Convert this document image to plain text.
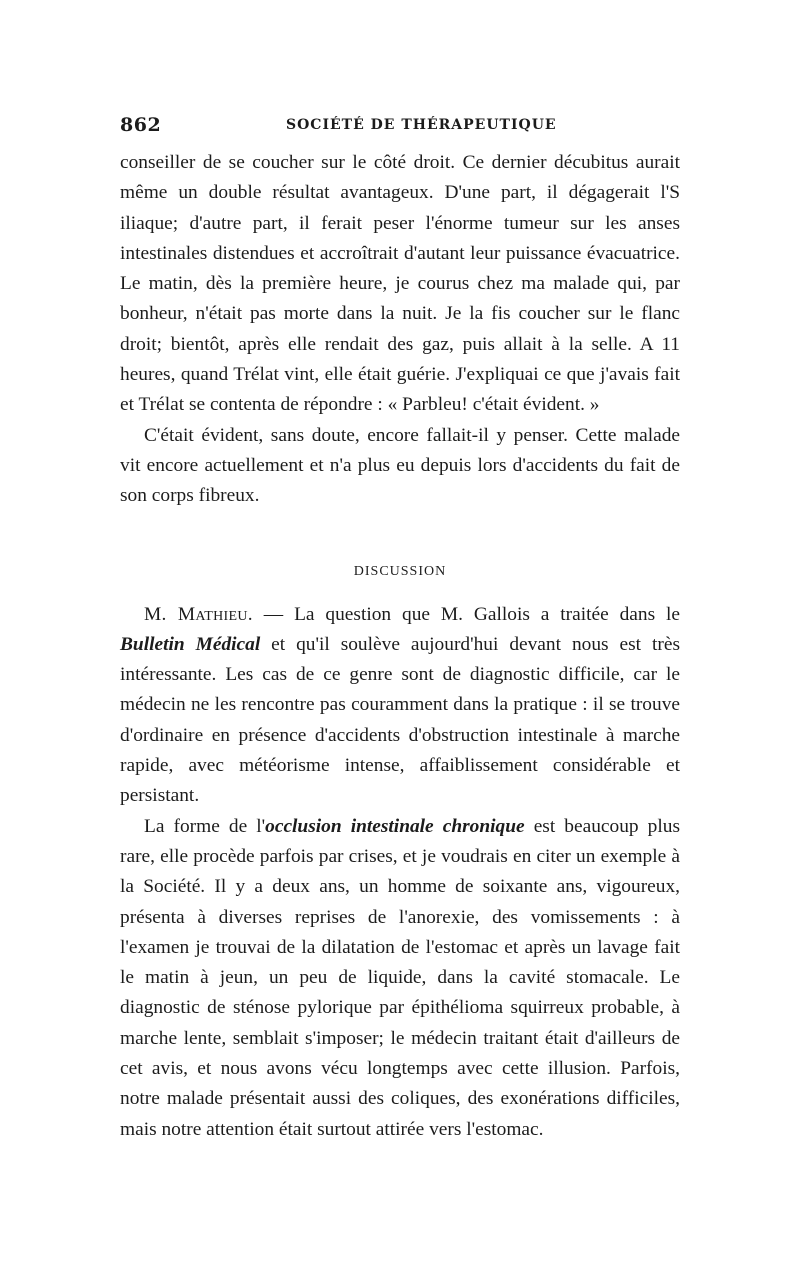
862	SOCIÉTÉ DE THÉRAPEUTIQUE

conseiller de se coucher sur le côté droit. Ce dernier décubitus aurait même un double résultat avantageux. D'une part, il dégagerait l'S iliaque; d'autre part, il ferait peser l'énorme tumeur sur les anses intestinales distendues et accroîtrait d'autant leur puissance évacuatrice. Le matin, dès la première heure, je courus chez ma malade qui, par bonheur, n'était pas morte dans la nuit. Je la fis coucher sur le flanc droit; bientôt, après elle rendait des gaz, puis allait à la selle. A 11 heures, quand Trélat vint, elle était guérie. J'expliquai ce que j'avais fait et Trélat se contenta de répondre : « Parbleu! c'était évident. »

C'était évident, sans doute, encore fallait-il y penser. Cette malade vit encore actuellement et n'a plus eu depuis lors d'accidents du fait de son corps fibreux.

DISCUSSION

M. Mathieu. — La question que M. Gallois a traitée dans le Bulletin Médical et qu'il soulève aujourd'hui devant nous est très intéressante. Les cas de ce genre sont de diagnostic difficile, car le médecin ne les rencontre pas couramment dans la pratique : il se trouve d'ordinaire en présence d'accidents d'obstruction intestinale à marche rapide, avec météorisme intense, affaiblissement considérable et persistant.

La forme de l'occlusion intestinale chronique est beaucoup plus rare, elle procède parfois par crises, et je voudrais en citer un exemple à la Société. Il y a deux ans, un homme de soixante ans, vigoureux, présenta à diverses reprises de l'anorexie, des vomissements : à l'examen je trouvai de la dilatation de l'estomac et après un lavage fait le matin à jeun, un peu de liquide, dans la cavité stomacale. Le diagnostic de sténose pylorique par épithélioma squirreux probable, à marche lente, semblait s'imposer; le médecin traitant était d'ailleurs de cet avis, et nous avons vécu longtemps avec cette illusion. Parfois, notre malade présentait aussi des coliques, des exonérations difficiles, mais notre attention était surtout attirée vers l'estomac.
